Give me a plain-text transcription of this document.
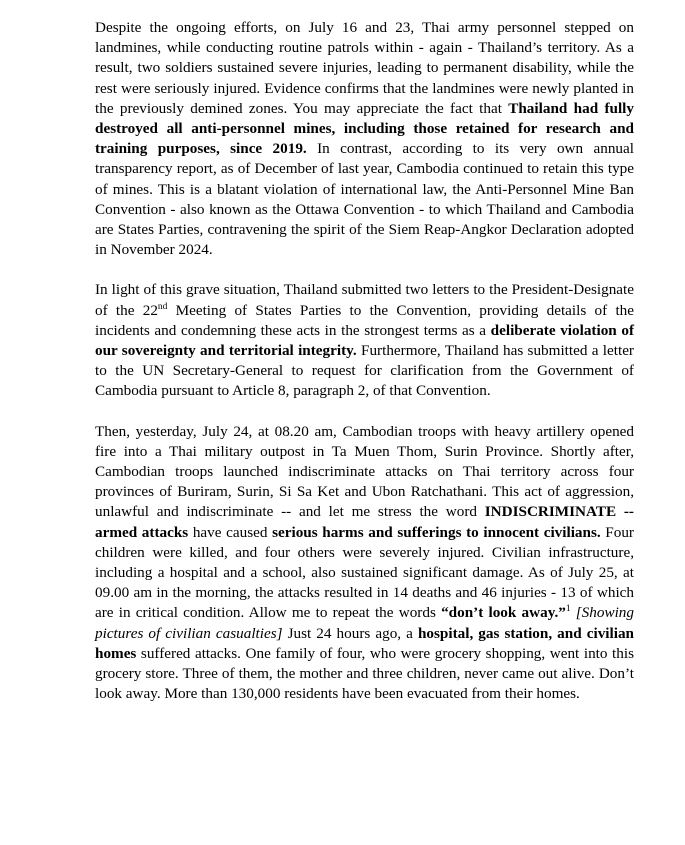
Despite the ongoing efforts, on July 16 and 23, Thai army personnel stepped on landmines, while conducting routine patrols within - again - Thailand’s territory. As a result, two soldiers sustained severe injuries, leading to permanent disability, while the rest were seriously injured. Evidence confirms that the landmines were newly planted in the previously demined zones. You may appreciate the fact that Thailand had fully destroyed all anti-personnel mines, including those retained for research and training purposes, since 2019. In contrast, according to its very own annual transparency report, as of December of last year, Cambodia continued to retain this type of mines. This is a blatant violation of international law, the Anti-Personnel Mine Ban Convention - also known as the Ottawa Convention - to which Thailand and Cambodia are States Parties, contravening the spirit of the Siem Reap-Angkor Declaration adopted in November 2024.

In light of this grave situation, Thailand submitted two letters to the President-Designate of the 22nd Meeting of States Parties to the Convention, providing details of the incidents and condemning these acts in the strongest terms as a deliberate violation of our sovereignty and territorial integrity. Furthermore, Thailand has submitted a letter to the UN Secretary-General to request for clarification from the Government of Cambodia pursuant to Article 8, paragraph 2, of that Convention.

Then, yesterday, July 24, at 08.20 am, Cambodian troops with heavy artillery opened fire into a Thai military outpost in Ta Muen Thom, Surin Province. Shortly after, Cambodian troops launched indiscriminate attacks on Thai territory across four provinces of Buriram, Surin, Si Sa Ket and Ubon Ratchathani. This act of aggression, unlawful and indiscriminate -- and let me stress the word INDISCRIMINATE -- armed attacks have caused serious harms and sufferings to innocent civilians. Four children were killed, and four others were severely injured. Civilian infrastructure, including a hospital and a school, also sustained significant damage. As of July 25, at 09.00 am in the morning, the attacks resulted in 14 deaths and 46 injuries - 13 of which are in critical condition. Allow me to repeat the words “don’t look away.”$^1$ [Showing pictures of civilian casualties] Just 24 hours ago, a hospital, gas station, and civilian homes suffered attacks. One family of four, who were grocery shopping, went into this grocery store. Three of them, the mother and three children, never came out alive. Don’t look away. More than 130,000 residents have been evacuated from their homes.
